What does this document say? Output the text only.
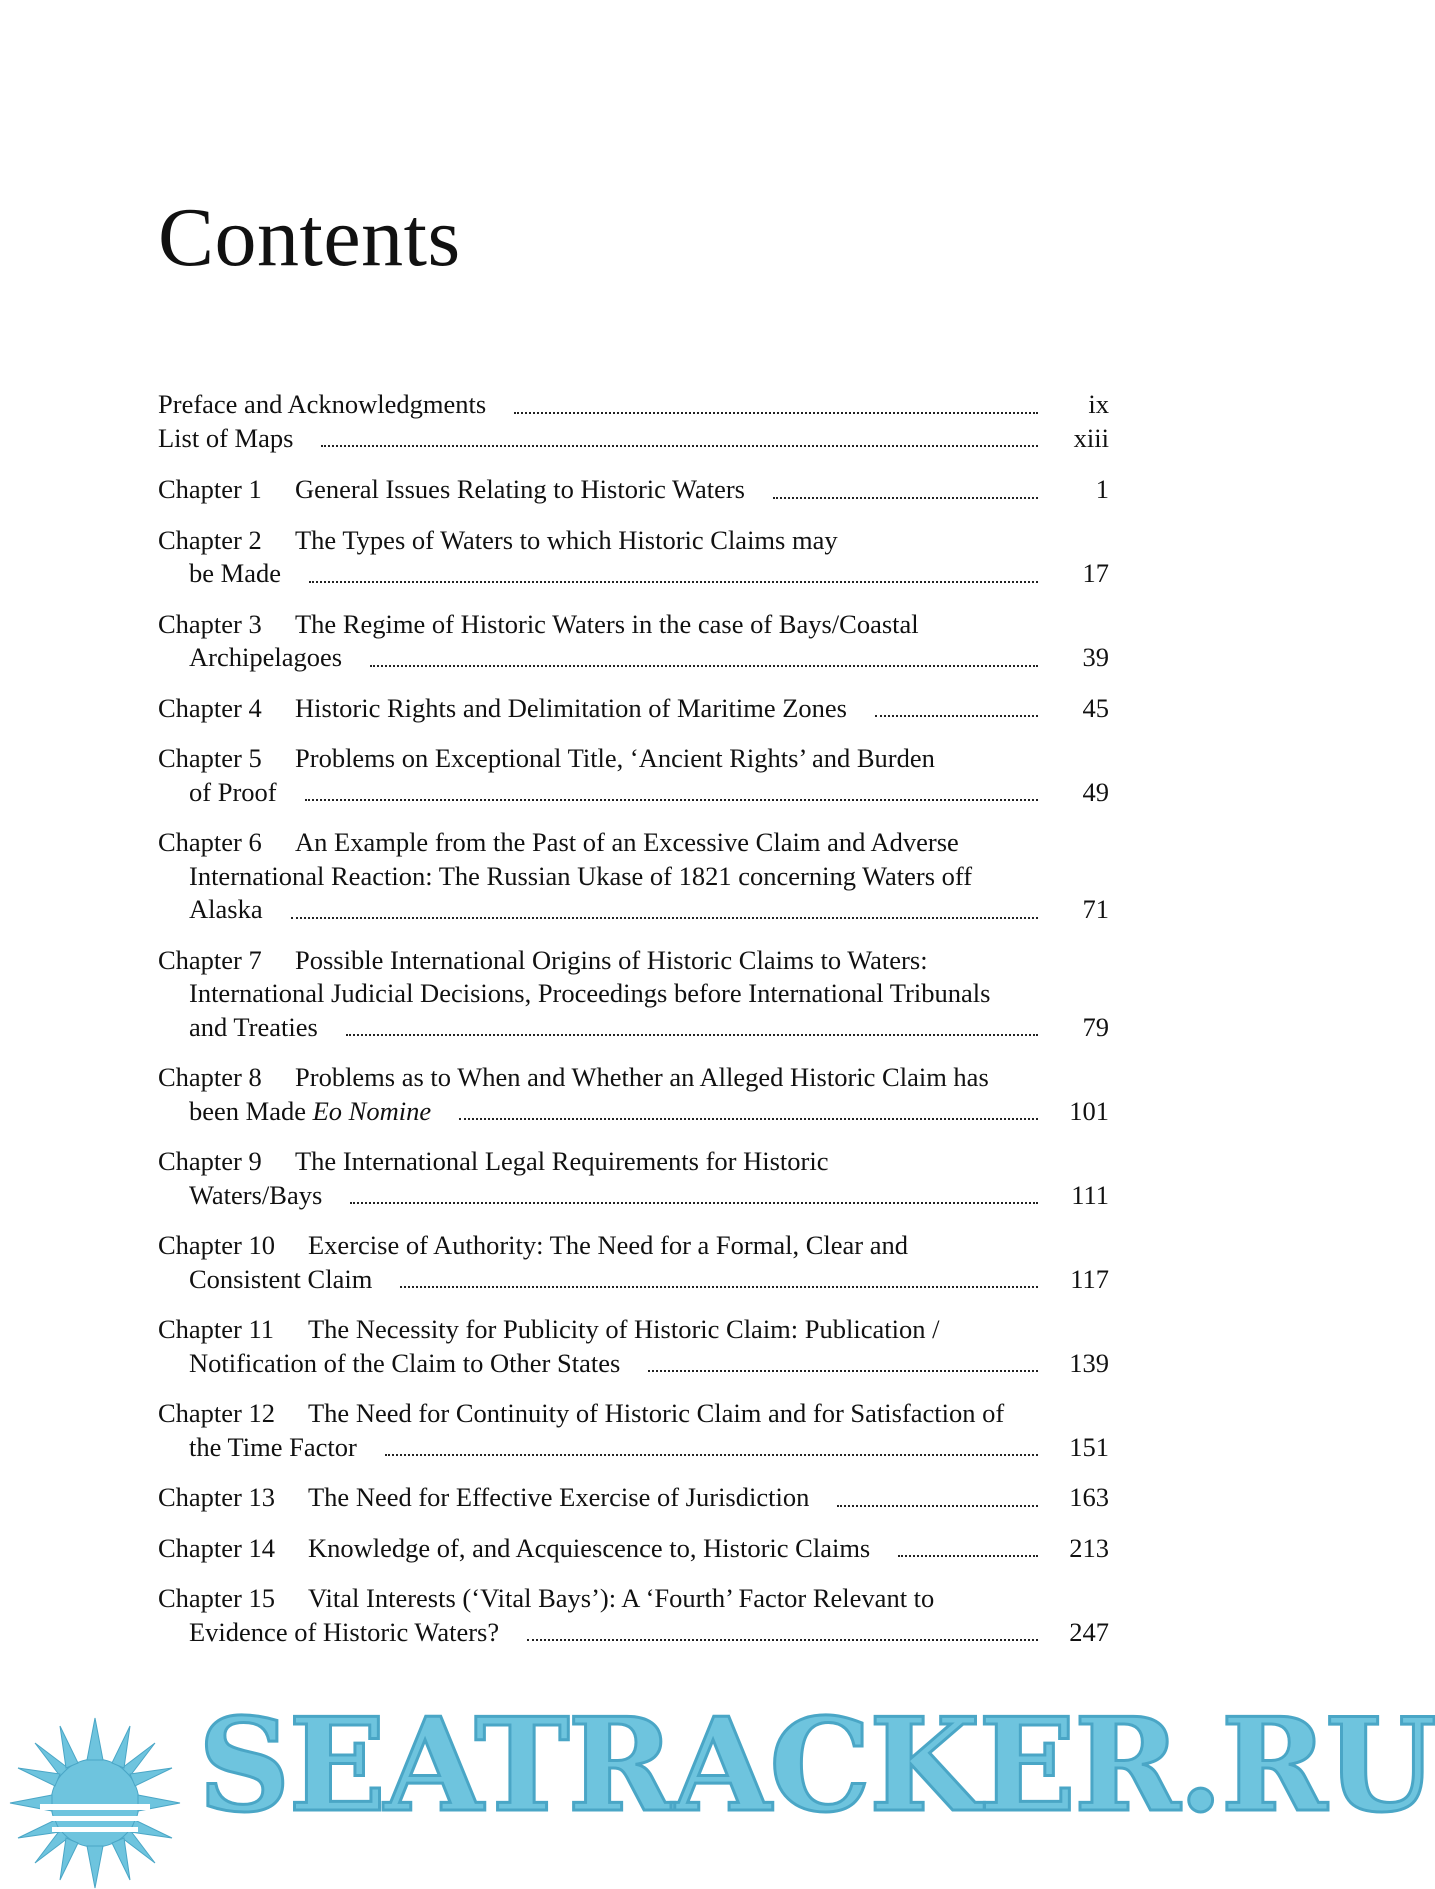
Contents
Preface and Acknowledgments	ix
List of Maps	xiii
Chapter 1	General Issues Relating to Historic Waters	1
Chapter 2	The Types of Waters to which Historic Claims may
be Made	17
Chapter 3	The Regime of Historic Waters in the case of Bays/Coastal
Archipelagoes	39
Chapter 4	Historic Rights and Delimitation of Maritime Zones	45
Chapter 5	Problems on Exceptional Title, ‘Ancient Rights’ and Burden
of Proof	49
Chapter 6	An Example from the Past of an Excessive Claim and Adverse
International Reaction: The Russian Ukase of 1821 concerning Waters off
Alaska	71
Chapter 7	Possible International Origins of Historic Claims to Waters:
International Judicial Decisions, Proceedings before International Tribunals
and Treaties	79
Chapter 8	Problems as to When and Whether an Alleged Historic Claim has
been Made
Eo Nomine	101
Chapter 9	The International Legal Requirements for Historic
Waters/Bays	111
Chapter 10	Exercise of Authority: The Need for a Formal, Clear and
Consistent Claim	117
Chapter 11	The Necessity for Publicity of Historic Claim: Publication /
Notification of the Claim to Other States	139
Chapter 12	The Need for Continuity of Historic Claim and for Satisfaction of
the Time Factor	151
Chapter 13	The Need for Effective Exercise of Jurisdiction	163
Chapter 14	Knowledge of, and Acquiescence to, Historic Claims	213
Chapter 15	Vital Interests (‘Vital Bays’): A ‘Fourth’ Factor Relevant to
Evidence of Historic Waters?	247
SEATRACKER.RU
